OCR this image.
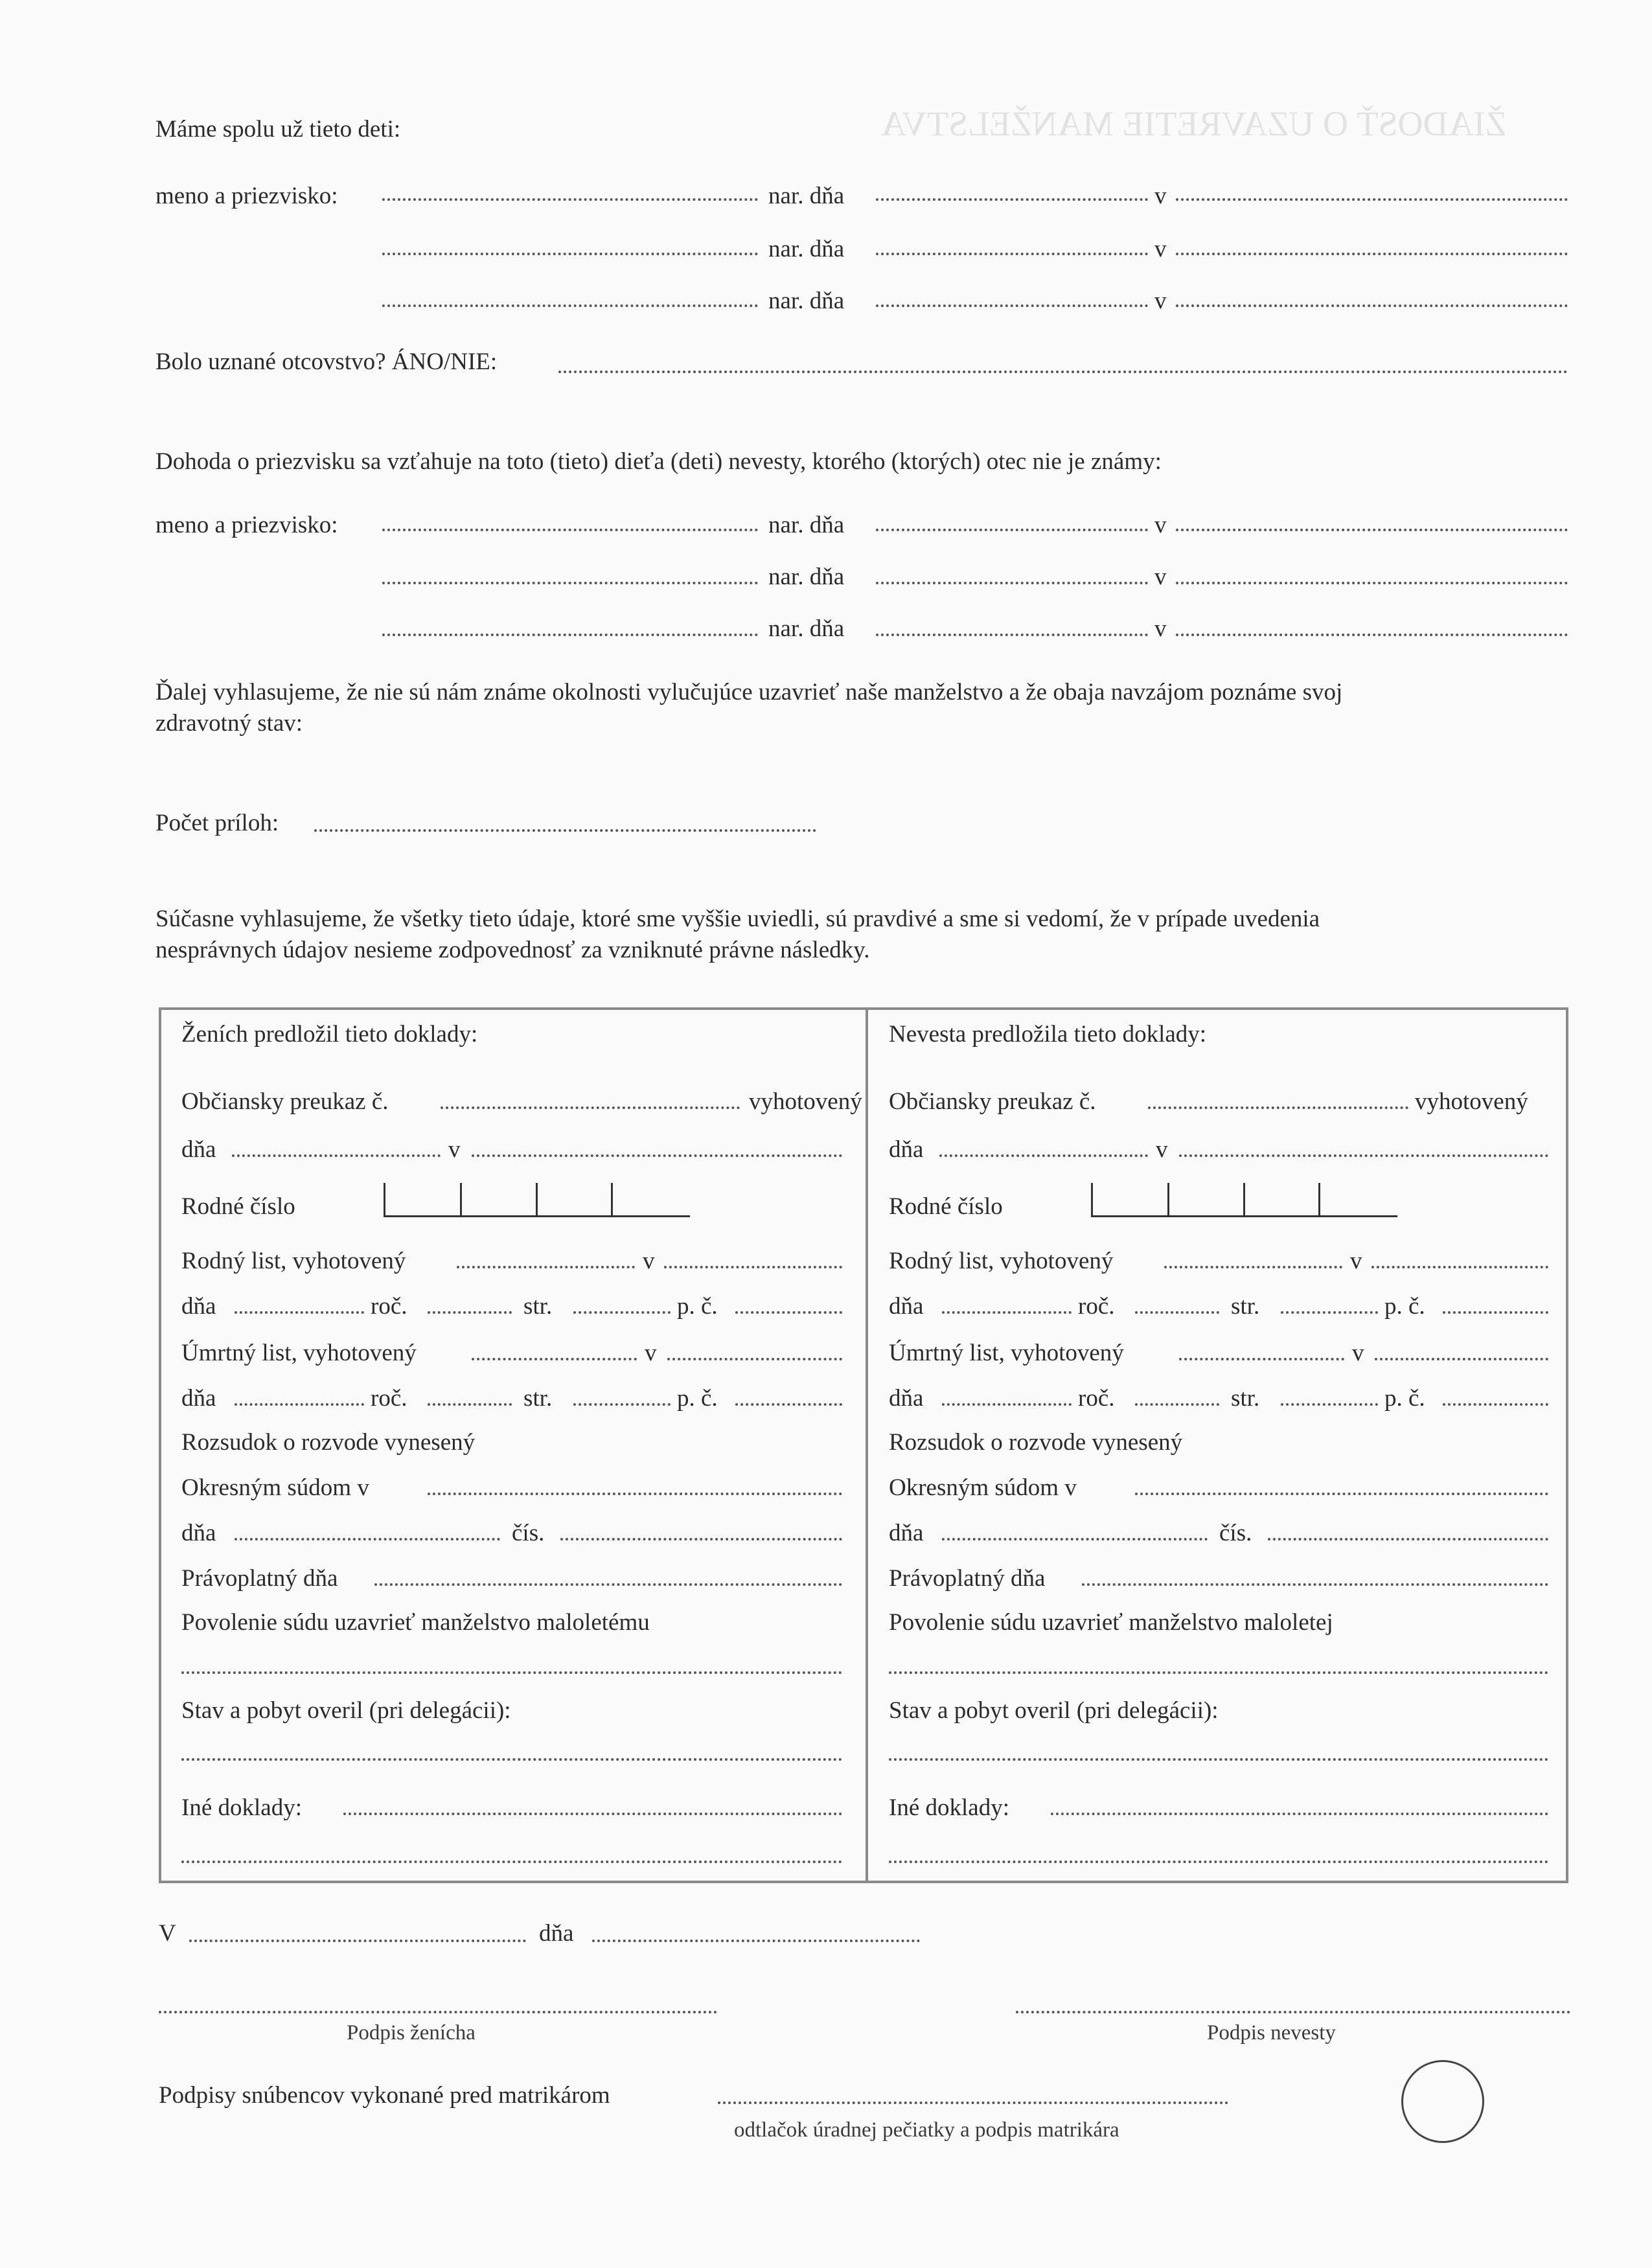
ŽIADOSŤ O UZAVRETIE MANŽELSTVA
Máme spolu už tieto deti:
meno a priezvisko:	nar. dňa	v
nar. dňa	v
nar. dňa	v
Bolo uznané otcovstvo? ÁNO/NIE:
Dohoda o priezvisku sa vzťahuje na toto (tieto) dieťa (deti) nevesty, ktorého (ktorých) otec nie je známy:
meno a priezvisko:	nar. dňa	v
nar. dňa	v
nar. dňa	v
Ďalej vyhlasujeme, že nie sú nám známe okolnosti vylučujúce uzavrieť naše manželstvo a že obaja navzájom poznáme svoj
zdravotný stav:
Počet príloh:
Súčasne vyhlasujeme, že všetky tieto údaje, ktoré sme vyššie uviedli, sú pravdivé a sme si vedomí, že v prípade uvedenia
nesprávnych údajov nesieme zodpovednosť za vzniknuté právne následky.
Ženích predložil tieto doklady:
Občiansky preukaz č.	vyhotovený
dňa	v
Rodné číslo
Rodný list, vyhotovený	v
dňa	roč.	str.	p. č.
Úmrtný list, vyhotovený	v
dňa	roč.	str.	p. č.
Rozsudok o rozvode vynesený
Okresným súdom v
dňa	čís.
Právoplatný dňa
Povolenie súdu uzavrieť manželstvo maloletému
Stav a pobyt overil (pri delegácii):
Iné doklady:
Nevesta predložila tieto doklady:
Občiansky preukaz č.	vyhotovený
dňa	v
Rodné číslo
Rodný list, vyhotovený	v
dňa	roč.	str.	p. č.
Úmrtný list, vyhotovený	v
dňa	roč.	str.	p. č.
Rozsudok o rozvode vynesený
Okresným súdom v
dňa	čís.
Právoplatný dňa
Povolenie súdu uzavrieť manželstvo maloletej
Stav a pobyt overil (pri delegácii):
Iné doklady:
V	dňa
Podpis ženícha	Podpis nevesty
Podpisy snúbencov vykonané pred matrikárom
odtlačok úradnej pečiatky a podpis matrikára
